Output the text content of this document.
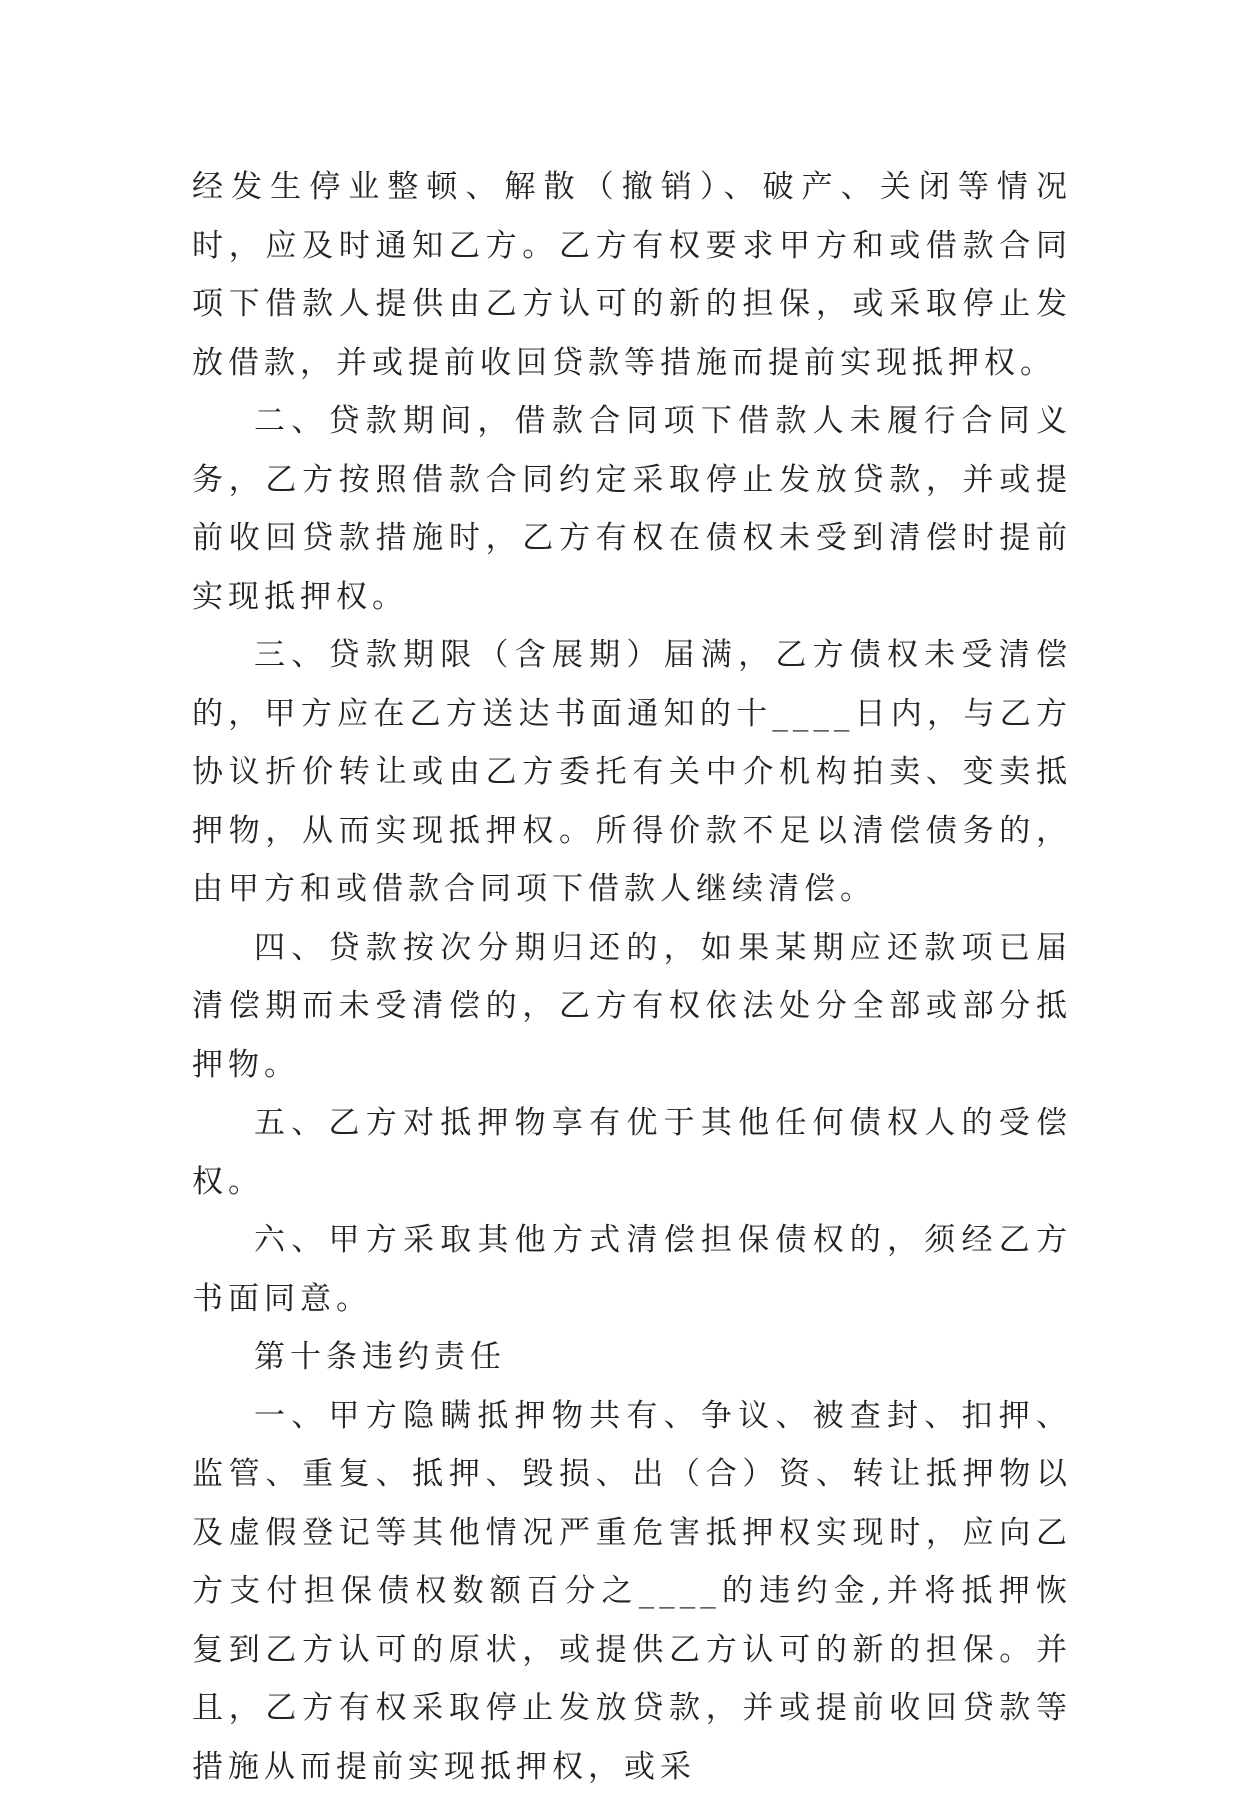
经发生停业整顿、解散（撤销）、破产、关闭等情况时，应及时通知乙方。乙方有权要求甲方和或借款合同项下借款人提供由乙方认可的新的担保，或采取停止发放借款，并或提前收回贷款等措施而提前实现抵押权。

二、贷款期间，借款合同项下借款人未履行合同义务，乙方按照借款合同约定采取停止发放贷款，并或提前收回贷款措施时，乙方有权在债权未受到清偿时提前实现抵押权。

三、贷款期限（含展期）届满，乙方债权未受清偿的，甲方应在乙方送达书面通知的十____日内，与乙方协议折价转让或由乙方委托有关中介机构拍卖、变卖抵押物，从而实现抵押权。所得价款不足以清偿债务的，由甲方和或借款合同项下借款人继续清偿。

四、贷款按次分期归还的，如果某期应还款项已届清偿期而未受清偿的，乙方有权依法处分全部或部分抵押物。

五、乙方对抵押物享有优于其他任何债权人的受偿权。

六、甲方采取其他方式清偿担保债权的，须经乙方书面同意。

第十条违约责任

一、甲方隐瞒抵押物共有、争议、被查封、扣押、监管、重复、抵押、毁损、出（合）资、转让抵押物以及虚假登记等其他情况严重危害抵押权实现时，应向乙方支付担保债权数额百分之____的违约金,并将抵押恢复到乙方认可的原状，或提供乙方认可的新的担保。并且，乙方有权采取停止发放贷款，并或提前收回贷款等措施从而提前实现抵押权，或采
